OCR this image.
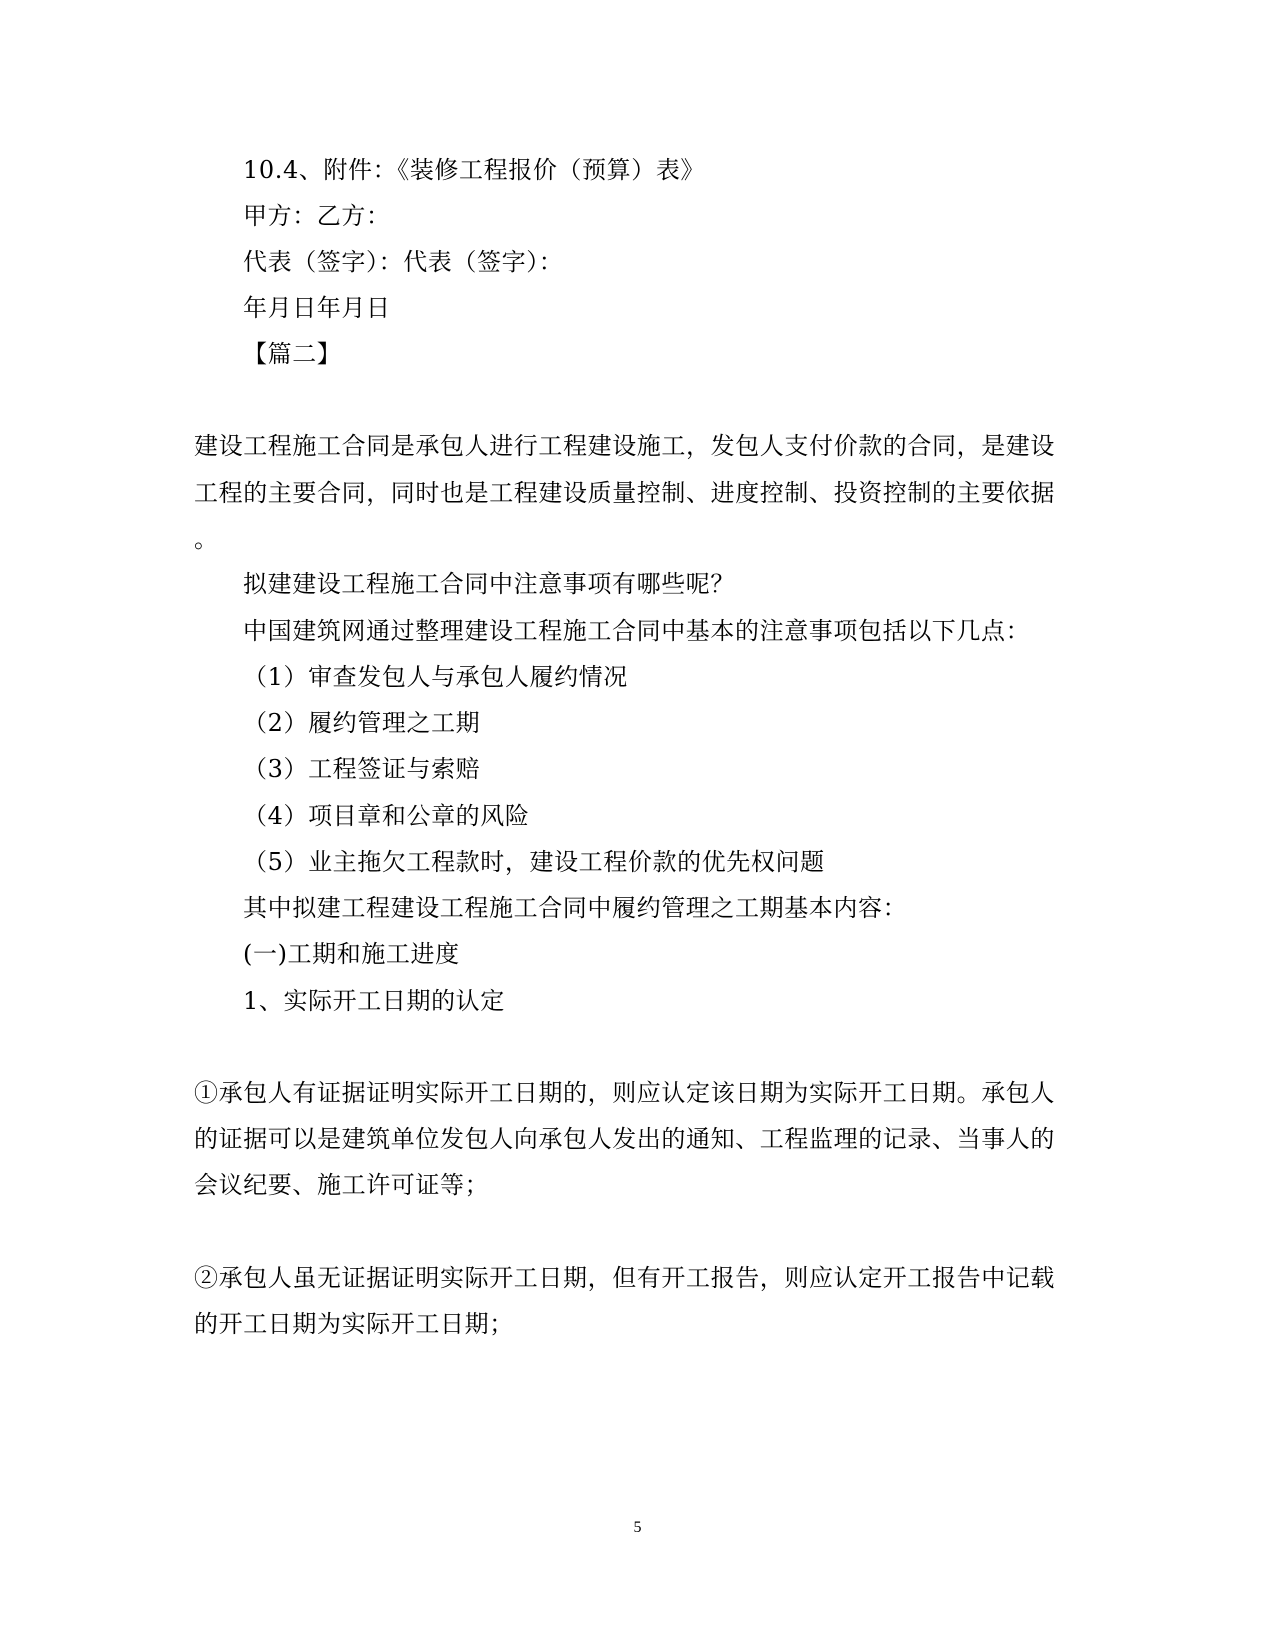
10.4、附件：《装修工程报价（预算）表》
甲方：乙方：
代表（签字）：代表（签字）：
年月日年月日
【篇二】
建设工程施工合同是承包人进行工程建设施工，发包人支付价款的合同，是建设
工程的主要合同，同时也是工程建设质量控制、进度控制、投资控制的主要依据
。
拟建建设工程施工合同中注意事项有哪些呢？
中国建筑网通过整理建设工程施工合同中基本的注意事项包括以下几点：
（1）审查发包人与承包人履约情况
（2）履约管理之工期
（3）工程签证与索赔
（4）项目章和公章的风险
（5）业主拖欠工程款时，建设工程价款的优先权问题
其中拟建工程建设工程施工合同中履约管理之工期基本内容：
(一)工期和施工进度
1、实际开工日期的认定
①承包人有证据证明实际开工日期的，则应认定该日期为实际开工日期。承包人
的证据可以是建筑单位发包人向承包人发出的通知、工程监理的记录、当事人的
会议纪要、施工许可证等；
②承包人虽无证据证明实际开工日期，但有开工报告，则应认定开工报告中记载
的开工日期为实际开工日期；
5
